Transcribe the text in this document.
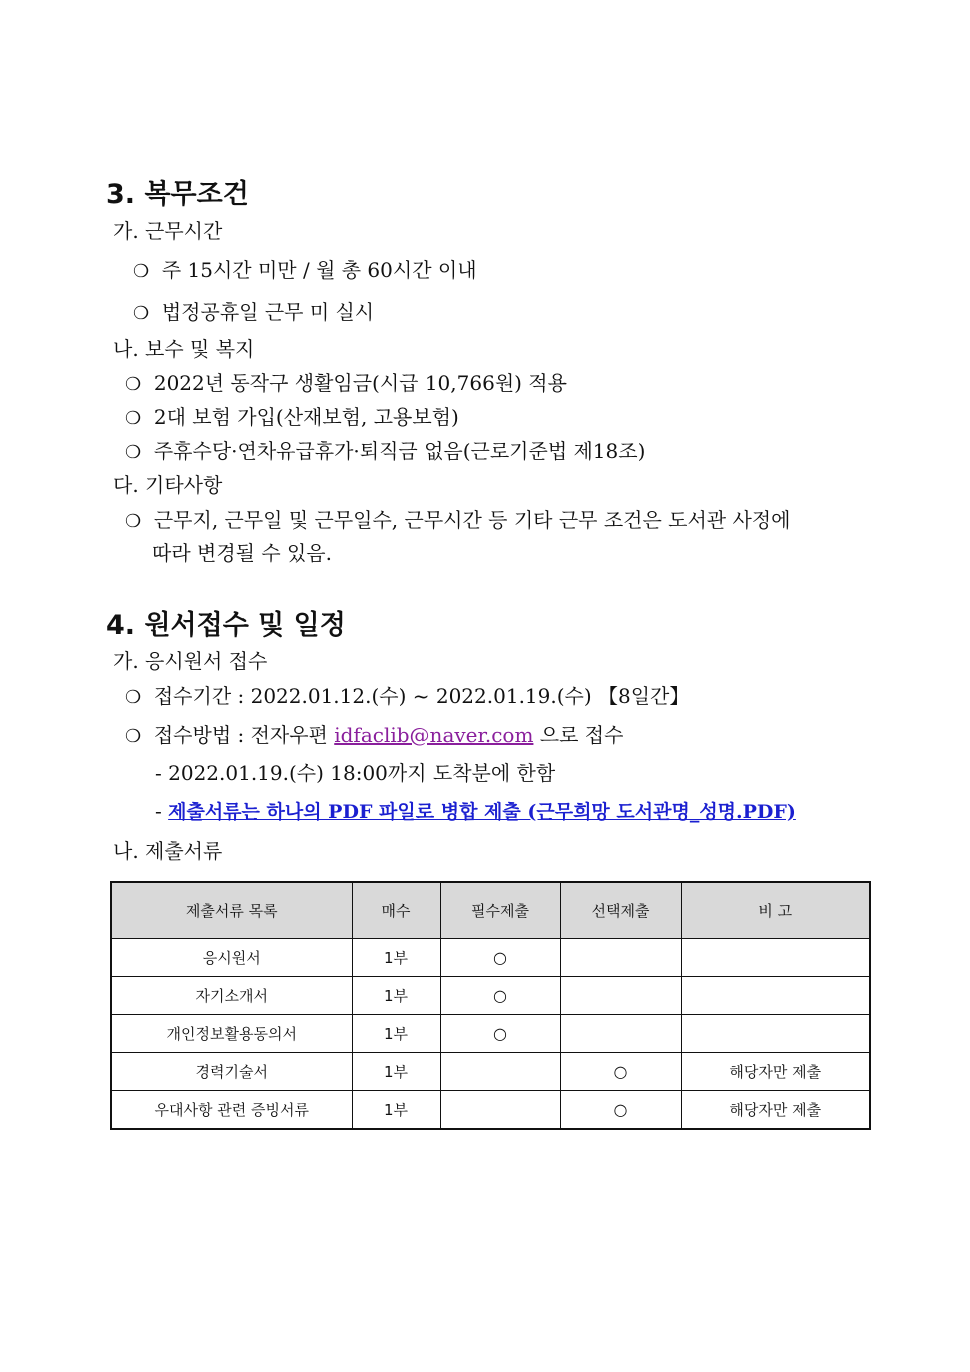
3. 복무조건
가. 근무시간
❍ 주 15시간 미만 / 월 총 60시간 이내
❍ 법정공휴일 근무 미 실시
나. 보수 및 복지
❍ 2022년 동작구 생활임금(시급 10,766원) 적용
❍ 2대 보험 가입(산재보험, 고용보험)
❍ 주휴수당·연차유급휴가·퇴직금 없음(근로기준법 제18조)
다. 기타사항
❍ 근무지, 근무일 및 근무일수, 근무시간 등 기타 근무 조건은 도서관 사정에
따라 변경될 수 있음.
4. 원서접수 및 일정
가. 응시원서 접수
❍ 접수기간 : 2022.01.12.(수) ~ 2022.01.19.(수) 【8일간】
❍ 접수방법 : 전자우편 idfaclib@naver.com 으로 접수
- 2022.01.19.(수) 18:00까지 도착분에 한함
- 제출서류는 하나의 PDF 파일로 병합 제출 (근무희망 도서관명_성명.PDF)
나. 제출서류
제출서류 목록	매수	필수제출	선택제출	비 고
응시원서	1부	○		
자기소개서	1부	○		
개인정보활용동의서	1부	○		
경력기술서	1부		○	해당자만 제출
우대사항 관련 증빙서류	1부		○	해당자만 제출
